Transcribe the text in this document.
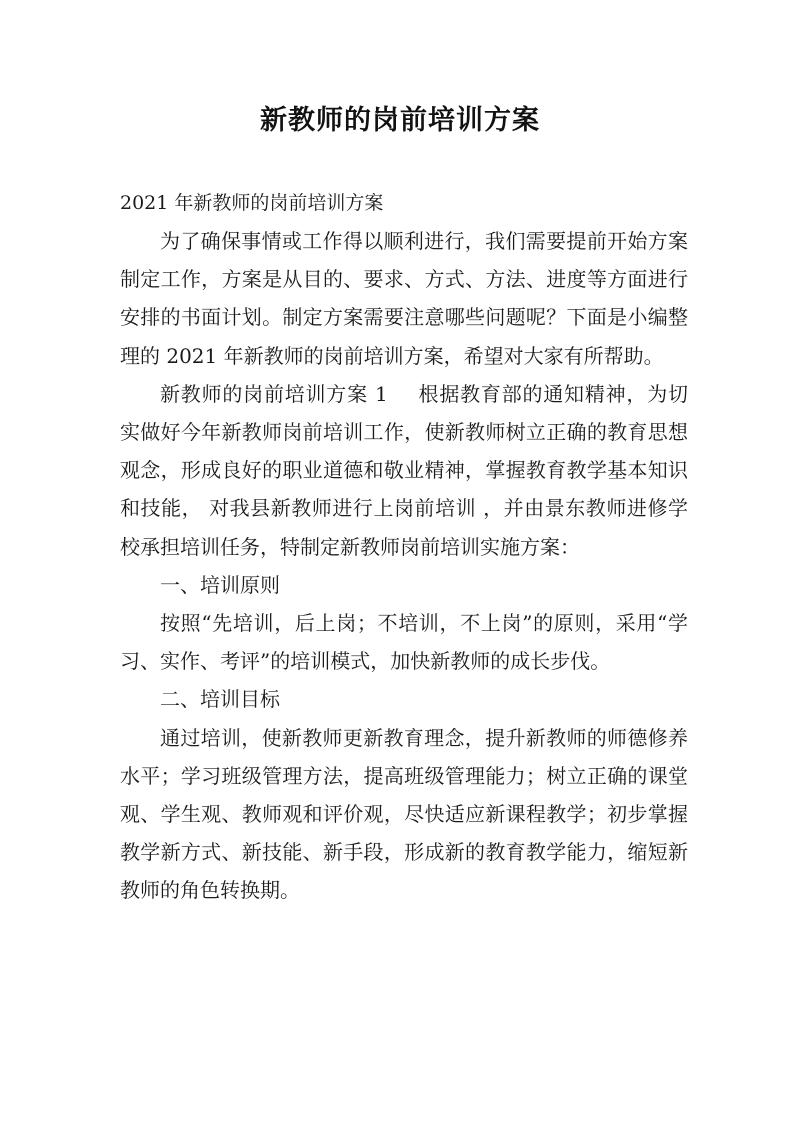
新教师的岗前培训方案
2021 年新教师的岗前培训方案

为了确保事情或工作得以顺利进行，我们需要提前开始方案制定工作，方案是从目的、要求、方式、方法、进度等方面进行安排的书面计划。制定方案需要注意哪些问题呢？下面是小编整理的 2021 年新教师的岗前培训方案，希望对大家有所帮助。

新教师的岗前培训方案 1 根据教育部的通知精神，为切实做好今年新教师岗前培训工作，使新教师树立正确的教育思想观念，形成良好的职业道德和敬业精神，掌握教育教学基本知识和技能， 对我县新教师进行上岗前培训 ，并由景东教师进修学校承担培训任务，特制定新教师岗前培训实施方案：

一、培训原则

按照“先培训，后上岗；不培训，不上岗”的原则，采用“学习、实作、考评”的培训模式，加快新教师的成长步伐。

二、培训目标

通过培训，使新教师更新教育理念，提升新教师的师德修养水平；学习班级管理方法，提高班级管理能力；树立正确的课堂观、学生观、教师观和评价观，尽快适应新课程教学；初步掌握教学新方式、新技能、新手段，形成新的教育教学能力，缩短新教师的角色转换期。
